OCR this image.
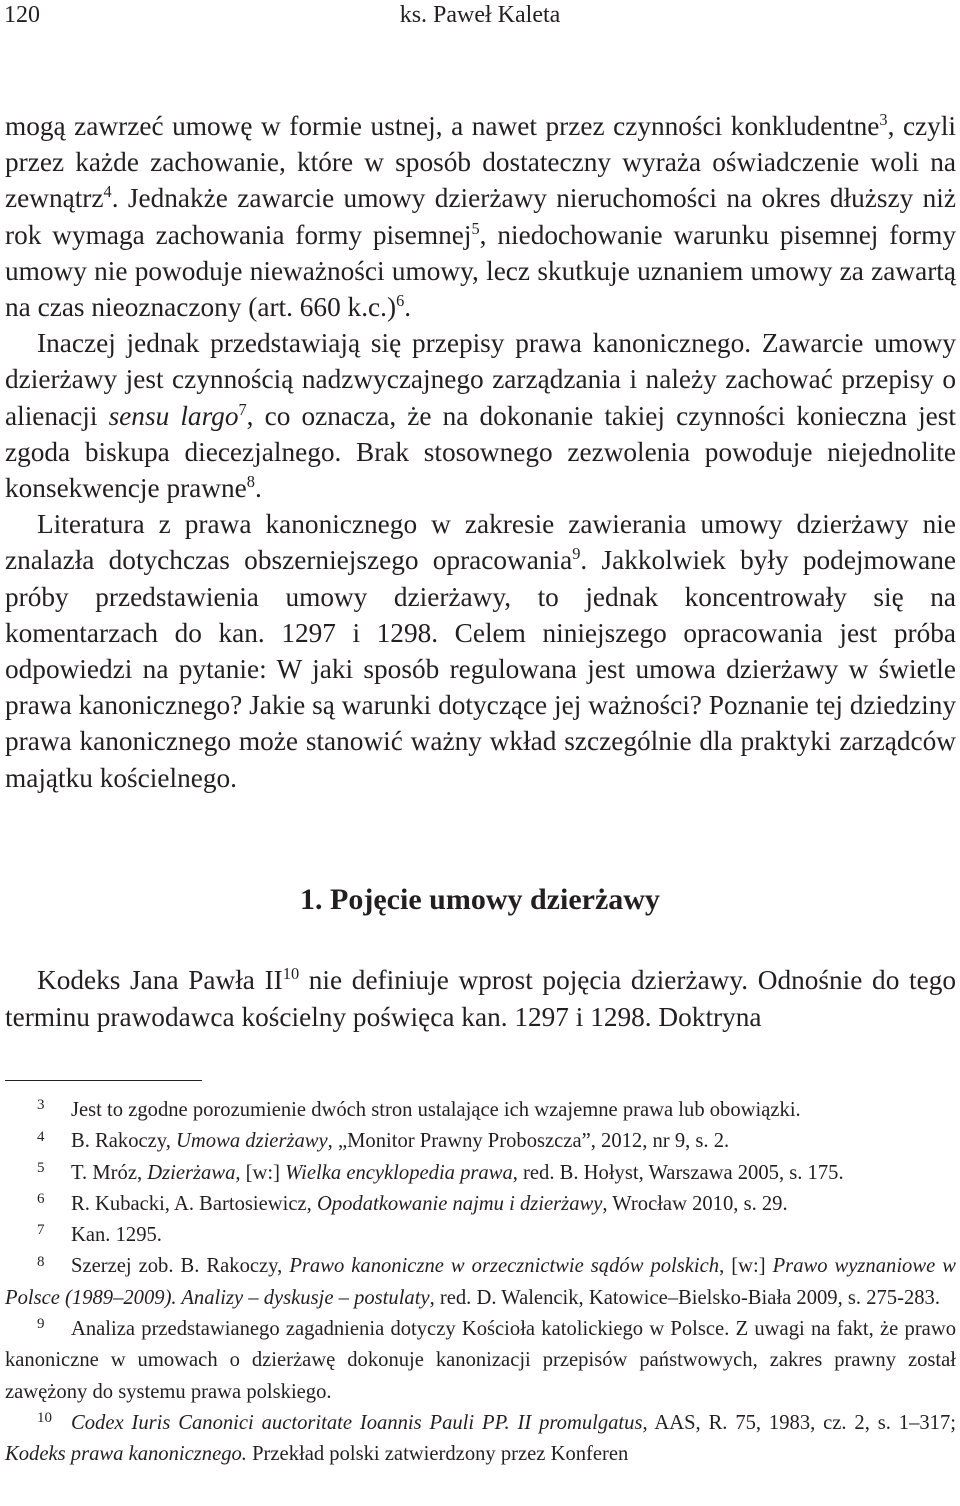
120	ks. Paweł Kaleta

mogą zawrzeć umowę w formie ustnej, a nawet przez czynności konkludentne$^3$, czyli przez każde zachowanie, które w sposób dostateczny wyraża oświadczenie woli na zewnątrz$^4$. Jednakże zawarcie umowy dzierżawy nieruchomości na okres dłuższy niż rok wymaga zachowania formy pisemnej$^5$, niedochowanie warunku pisemnej formy umowy nie powoduje nieważności umowy, lecz skutkuje uznaniem umowy za zawartą na czas nieoznaczony (art. 660 k.c.)$^6$.

Inaczej jednak przedstawiają się przepisy prawa kanonicznego. Zawarcie umowy dzierżawy jest czynnością nadzwyczajnego zarządzania i należy zachować przepisy o alienacji sensu largo$^7$, co oznacza, że na dokonanie takiej czynności konieczna jest zgoda biskupa diecezjalnego. Brak stosownego zezwolenia powoduje niejednolite konsekwencje prawne$^8$.

Literatura z prawa kanonicznego w zakresie zawierania umowy dzierżawy nie znalazła dotychczas obszerniejszego opracowania$^9$. Jakkolwiek były podejmowane próby przedstawienia umowy dzierżawy, to jednak koncentrowały się na komentarzach do kan. 1297 i 1298. Celem niniejszego opracowania jest próba odpowiedzi na pytanie: W jaki sposób regulowana jest umowa dzierżawy w świetle prawa kanonicznego? Jakie są warunki dotyczące jej ważności? Poznanie tej dziedziny prawa kanonicznego może stanowić ważny wkład szczególnie dla praktyki zarządców majątku kościelnego.

1. Pojęcie umowy dzierżawy

Kodeks Jana Pawła II$^{10}$ nie definiuje wprost pojęcia dzierżawy. Odnośnie do tego terminu prawodawca kościelny poświęca kan. 1297 i 1298. Doktryna

3 Jest to zgodne porozumienie dwóch stron ustalające ich wzajemne prawa lub obowiązki.

4 B. Rakoczy, Umowa dzierżawy, „Monitor Prawny Proboszcza”, 2012, nr 9, s. 2.

5 T. Mróz, Dzierżawa, [w:] Wielka encyklopedia prawa, red. B. Hołyst, Warszawa 2005, s. 175.

6 R. Kubacki, A. Bartosiewicz, Opodatkowanie najmu i dzierżawy, Wrocław 2010, s. 29.

7 Kan. 1295.

8 Szerzej zob. B. Rakoczy, Prawo kanoniczne w orzecznictwie sądów polskich, [w:] Prawo wyznaniowe w Polsce (1989–2009). Analizy – dyskusje – postulaty, red. D. Walencik, Katowice–Bielsko-Biała 2009, s. 275-283.

9 Analiza przedstawianego zagadnienia dotyczy Kościoła katolickiego w Polsce. Z uwagi na fakt, że prawo kanoniczne w umowach o dzierżawę dokonuje kanonizacji przepisów państwowych, zakres prawny został zawężony do systemu prawa polskiego.

10 Codex Iuris Canonici auctoritate Ioannis Pauli PP. II promulgatus, AAS, R. 75, 1983, cz. 2, s. 1–317; Kodeks prawa kanonicznego. Przekład polski zatwierdzony przez Konferen
